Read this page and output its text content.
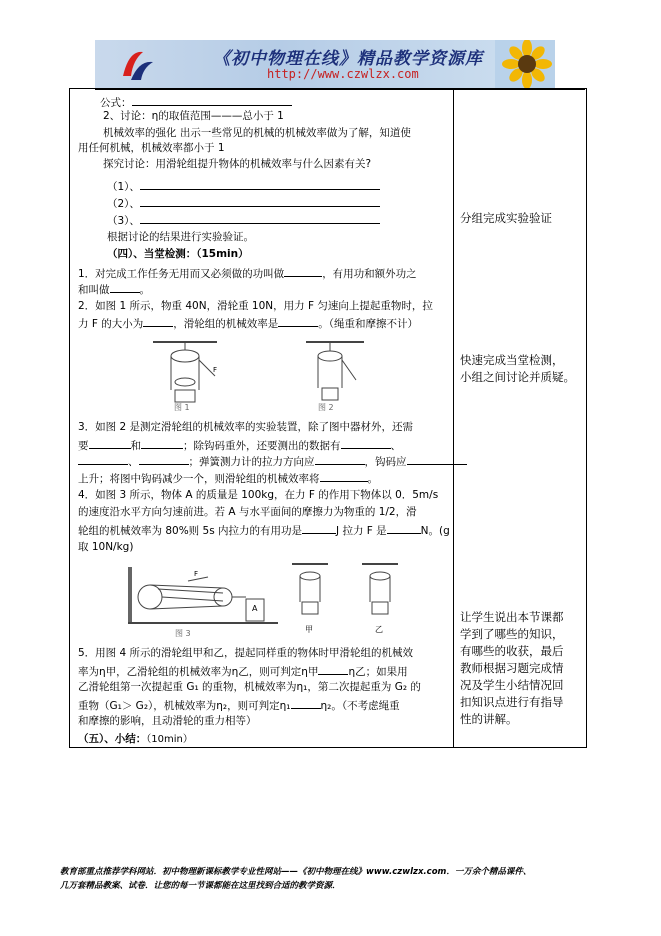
《初中物理在线》精品教学资源库
http://www.czwlzx.com
公式：
2、讨论：η的取值范围———总小于 1
机械效率的强化 出示一些常见的机械的机械效率做为了解，知道使
用任何机械，机械效率都小于 1
探究讨论：用滑轮组提升物体的机械效率与什么因素有关?
（1）、
（2）、
（3）、
根据讨论的结果进行实验验证。
（四）、当堂检测：（15min）
1．对完成工作任务无用而又必须做的功叫做	，有用功和额外功之
和叫做	。
2．如图 1 所示，物重 40N，滑轮重 10N，用力 F 匀速向上提起重物时，拉
力 F 的大小为	，滑轮组的机械效率是	。（绳重和摩擦不计）
F
图 1	图 2
3．如图 2 是测定滑轮组的机械效率的实验装置，除了图中器材外，还需
要	和	；除钩码重外，还要测出的数据有	、
、	；弹簧测力计的拉力方向应	，钩码应
上升；将图中钩码减少一个，则滑轮组的机械效率将	。
4．如图 3 所示，物体 A 的质量是 100kg，在力 F 的作用下物体以 0．5m/s
的速度沿水平方向匀速前进。若 A 与水平面间的摩擦力为物重的 1/2，滑
轮组的机械效率为 80%则 5s 内拉力的有用功是	J 拉力 F 是	N。(g
取 10N/kg)
F
A
图 3	甲	乙
5．用图 4 所示的滑轮组甲和乙，提起同样重的物体时甲滑轮组的机械效
率为η甲，乙滑轮组的机械效率为η乙，则可判定η甲	η乙；如果用
乙滑轮组第一次提起重 G₁ 的重物，机械效率为η₁，第二次提起重为 G₂ 的
重物（G₁＞ G₂），机械效率为η₂，则可判定η₁	η₂。（不考虑绳重
和摩擦的影响，且动滑轮的重力相等）
（五）、小结：（10min）
分组完成实验验证
快速完成当堂检测，
小组之间讨论并质疑。
让学生说出本节课都
学到了哪些的知识，
有哪些的收获，最后
教师根据习题完成情
况及学生小结情况回
扣知识点进行有指导
性的讲解。
教育部重点推荐学科网站．初中物理新课标教学专业性网站——《初中物理在线》www.czwlzx.com．一万余个精品课件、
几万套精品教案、试卷．让您的每一节课都能在这里找到合适的教学资源．
